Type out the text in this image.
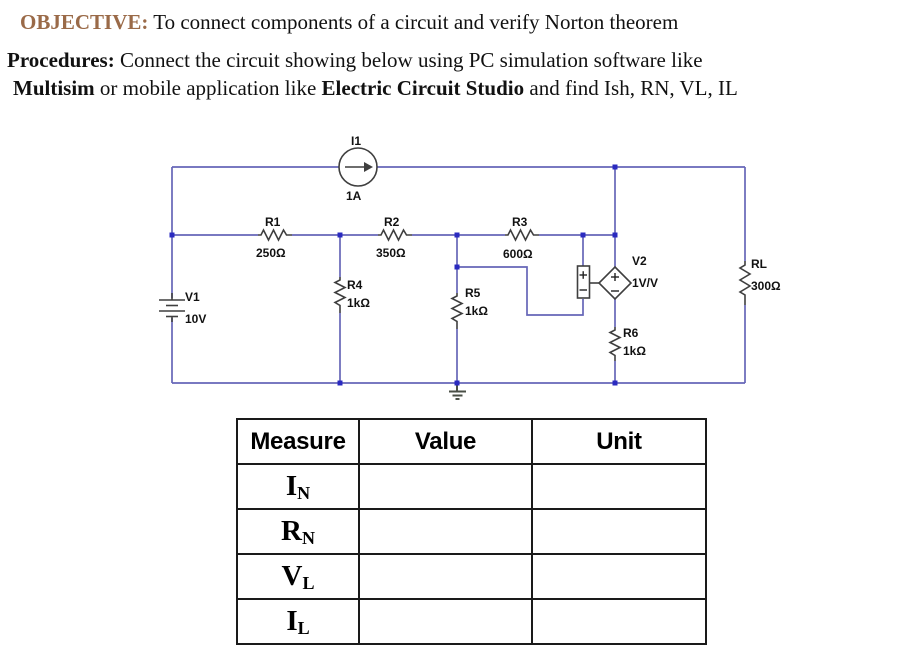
OBJECTIVE: To connect components of a circuit and verify Norton theorem

Procedures: Connect the circuit showing below using PC simulation software like

Multisim or mobile application like Electric Circuit Studio and find Ish, RN, VL, IL

I1
1A
V1
10V
R1
250Ω
R2
350Ω
R3
600Ω
R4
1kΩ
R5
1kΩ
R6
1kΩ
RL
300Ω
V2
1V/V
Measure	Value	Unit
IN		
RN		
VL		
IL		
